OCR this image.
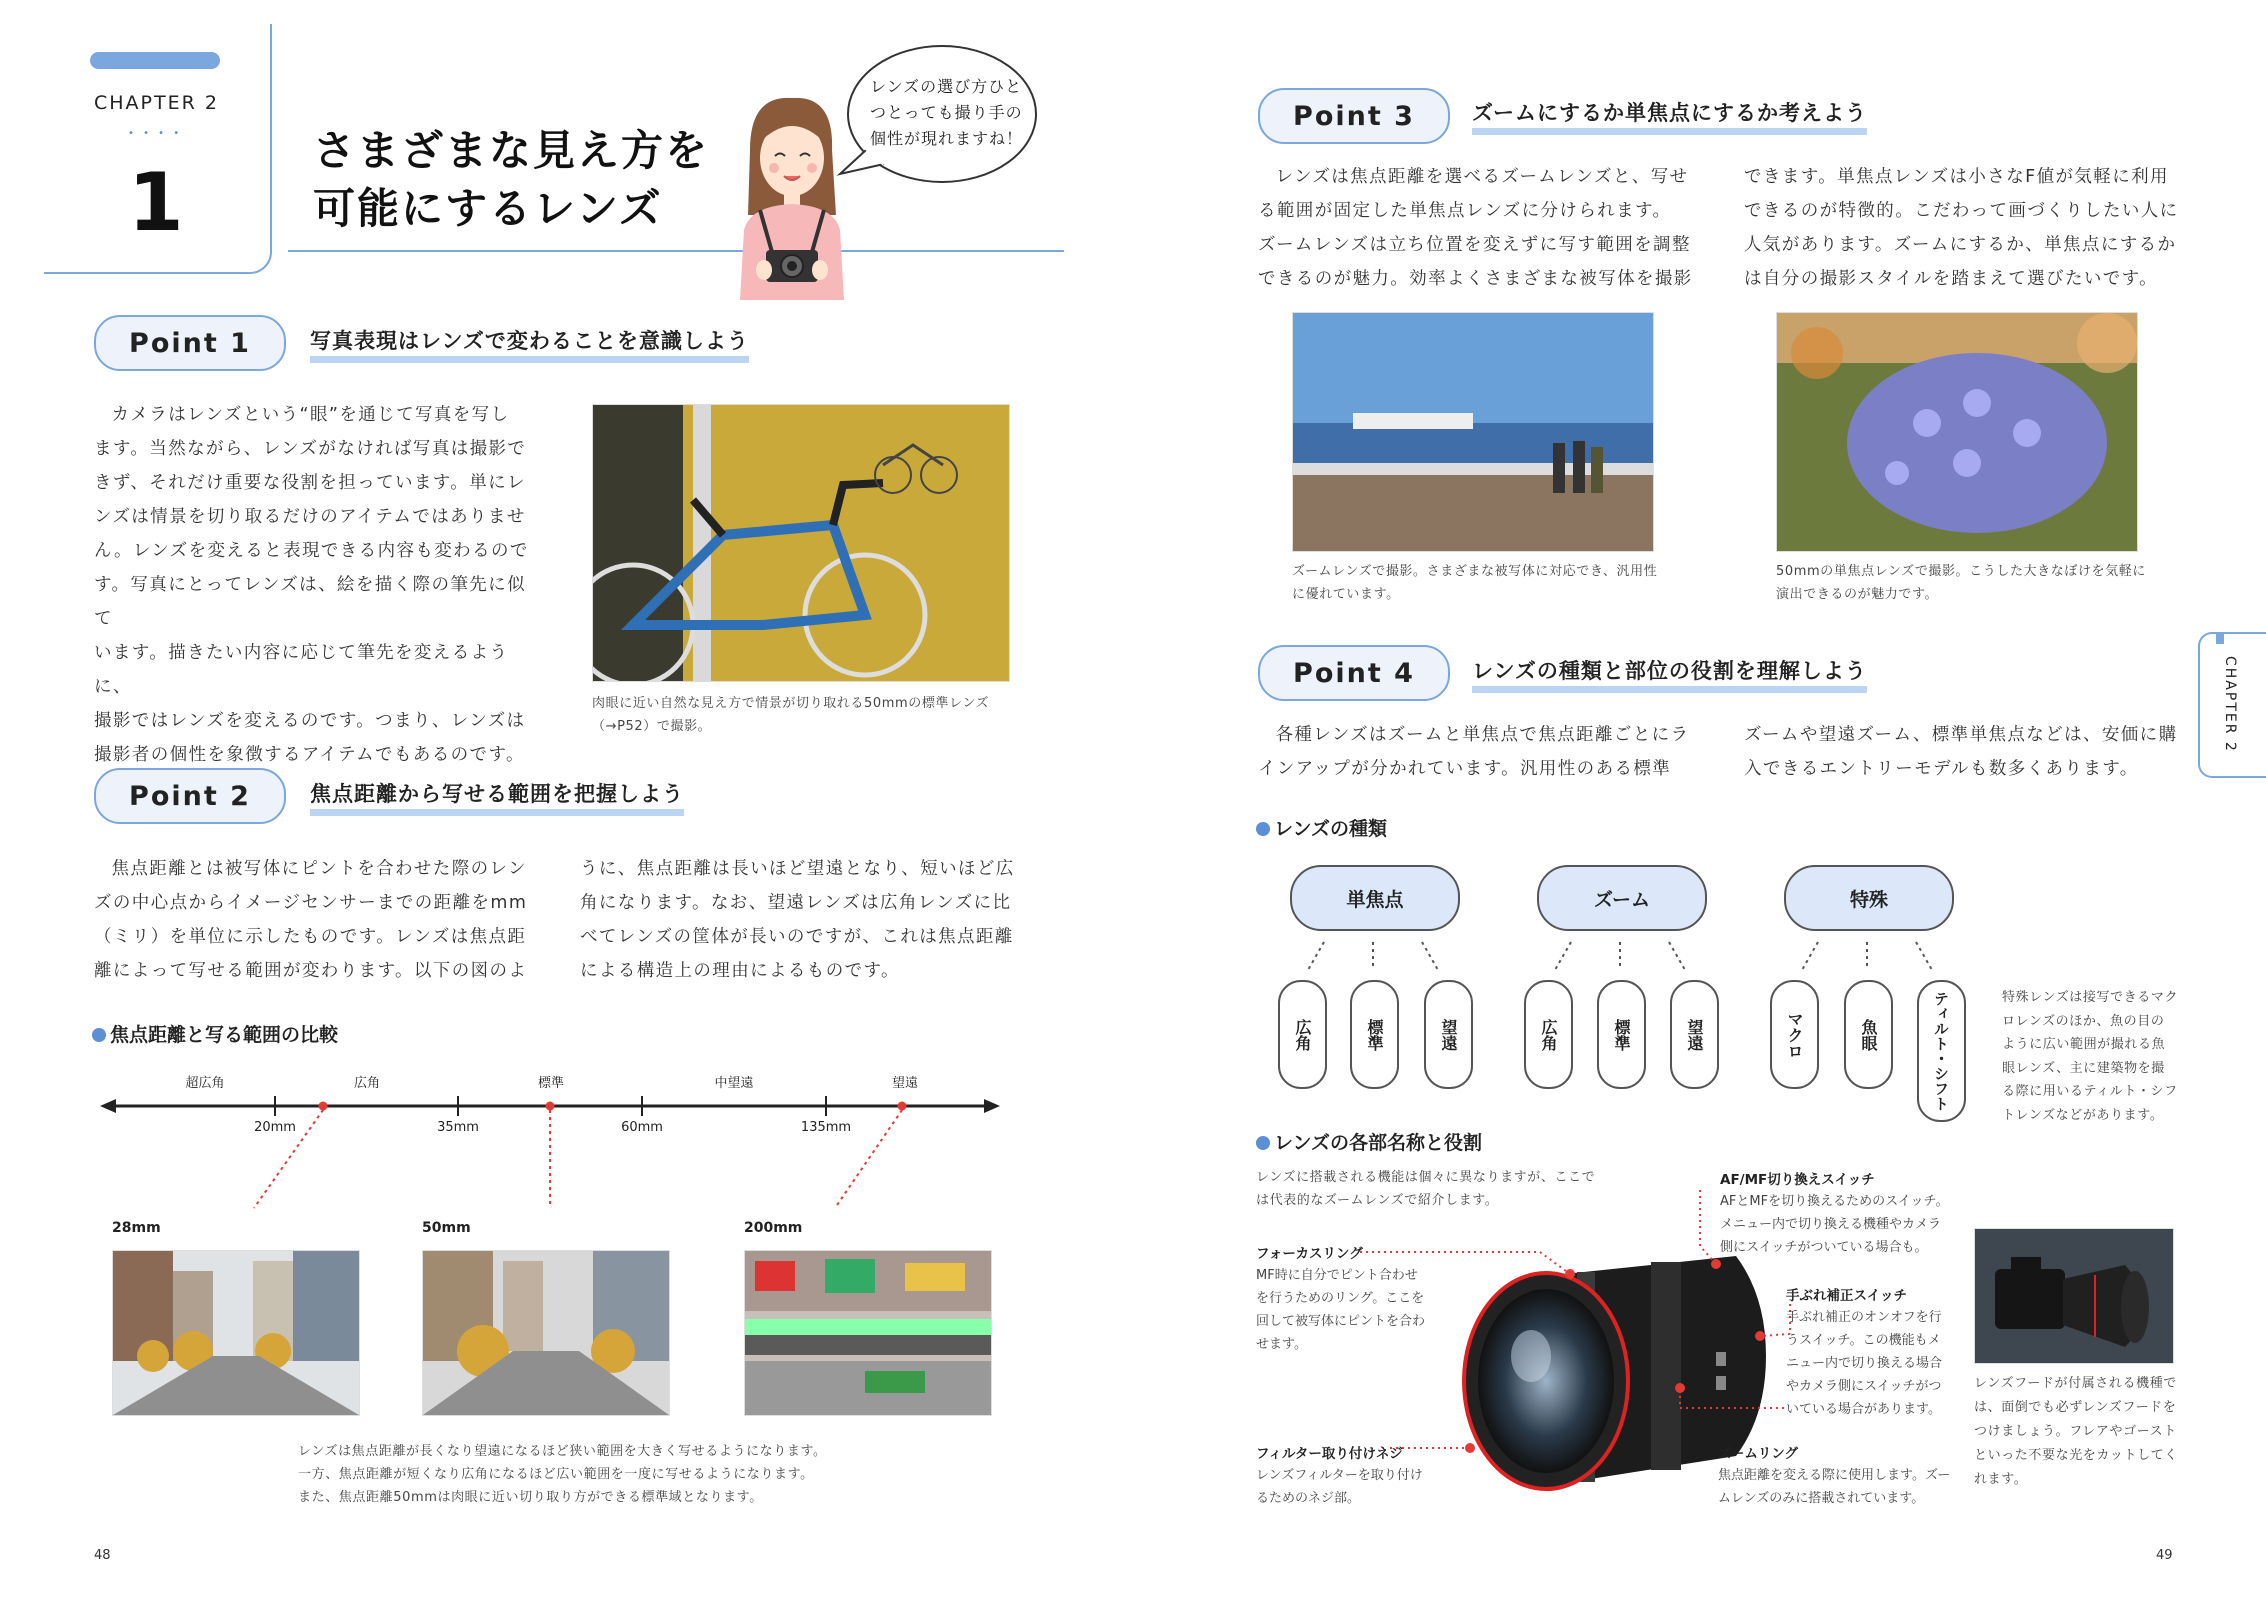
CHAPTER 2
• • • •
1
さまざまな見え方を
可能にするレンズ
レンズの選び方ひと
つとっても撮り手の
個性が現れますね！
Point 1	写真表現はレンズで変わることを意識しよう
カメラはレンズという“眼”を通じて写真を写し
ます。当然ながら、レンズがなければ写真は撮影で
きず、それだけ重要な役割を担っています。単にレ
ンズは情景を切り取るだけのアイテムではありませ
ん。レンズを変えると表現できる内容も変わるので
す。写真にとってレンズは、絵を描く際の筆先に似て
います。描きたい内容に応じて筆先を変えるように、
撮影ではレンズを変えるのです。つまり、レンズは
撮影者の個性を象徴するアイテムでもあるのです。
肉眼に近い自然な見え方で情景が切り取れる50mmの標準レンズ
（→P52）で撮影。
Point 2	焦点距離から写せる範囲を把握しよう
焦点距離とは被写体にピントを合わせた際のレン
ズの中心点からイメージセンサーまでの距離をmm
（ミリ）を単位に示したものです。レンズは焦点距
離によって写せる範囲が変わります。以下の図のよ
うに、焦点距離は長いほど望遠となり、短いほど広
角になります。なお、望遠レンズは広角レンズに比
べてレンズの筐体が長いのですが、これは焦点距離
による構造上の理由によるものです。
焦点距離と写る範囲の比較
超広角	広角	標準	中望遠	望遠
20mm	35mm	60mm	135mm
28mm	50mm	200mm
レンズは焦点距離が長くなり望遠になるほど狭い範囲を大きく写せるようになります。
一方、焦点距離が短くなり広角になるほど広い範囲を一度に写せるようになります。
また、焦点距離50mmは肉眼に近い切り取り方ができる標準域となります。
48
Point 3	ズームにするか単焦点にするか考えよう
レンズは焦点距離を選べるズームレンズと、写せ
る範囲が固定した単焦点レンズに分けられます。
ズームレンズは立ち位置を変えずに写す範囲を調整
できるのが魅力。効率よくさまざまな被写体を撮影
できます。単焦点レンズは小さなF値が気軽に利用
できるのが特徴的。こだわって画づくりしたい人に
人気があります。ズームにするか、単焦点にするか
は自分の撮影スタイルを踏まえて選びたいです。
ズームレンズで撮影。さまざまな被写体に対応でき、汎用性
に優れています。
50mmの単焦点レンズで撮影。こうした大きなぼけを気軽に
演出できるのが魅力です。
CHAPTER 2
Point 4	レンズの種類と部位の役割を理解しよう
各種レンズはズームと単焦点で焦点距離ごとにラ
インアップが分かれています。汎用性のある標準
ズームや望遠ズーム、標準単焦点などは、安価に購
入できるエントリーモデルも数多くあります。
レンズの種類
単焦点	ズーム	特殊
広角	標準	望遠	広角	標準	望遠	マクロ	魚眼	ティルト・シフト	特殊レンズは接写できるマク
ロレンズのほか、魚の目の
ように広い範囲が撮れる魚
眼レンズ、主に建築物を撮
る際に用いるティルト・シフ
トレンズなどがあります。
レンズの各部名称と役割
レンズに搭載される機能は個々に異なりますが、ここで
は代表的なズームレンズで紹介します。
フォーカスリング
MF時に自分でピント合わせ
を行うためのリング。ここを
回して被写体にピントを合わ
せます。
フィルター取り付けネジ
レンズフィルターを取り付け
るためのネジ部。
AF/MF切り換えスイッチ
AFとMFを切り換えるためのスイッチ。
メニュー内で切り換える機種やカメラ
側にスイッチがついている場合も。
手ぶれ補正スイッチ
手ぶれ補正のオンオフを行
うスイッチ。この機能もメ
ニュー内で切り換える場合
やカメラ側にスイッチがつ
いている場合があります。
ズームリング
焦点距離を変える際に使用します。ズー
ムレンズのみに搭載されています。
レンズフードが付属される機種で
は、面倒でも必ずレンズフードを
つけましょう。フレアやゴースト
といった不要な光をカットしてく
れます。
49
